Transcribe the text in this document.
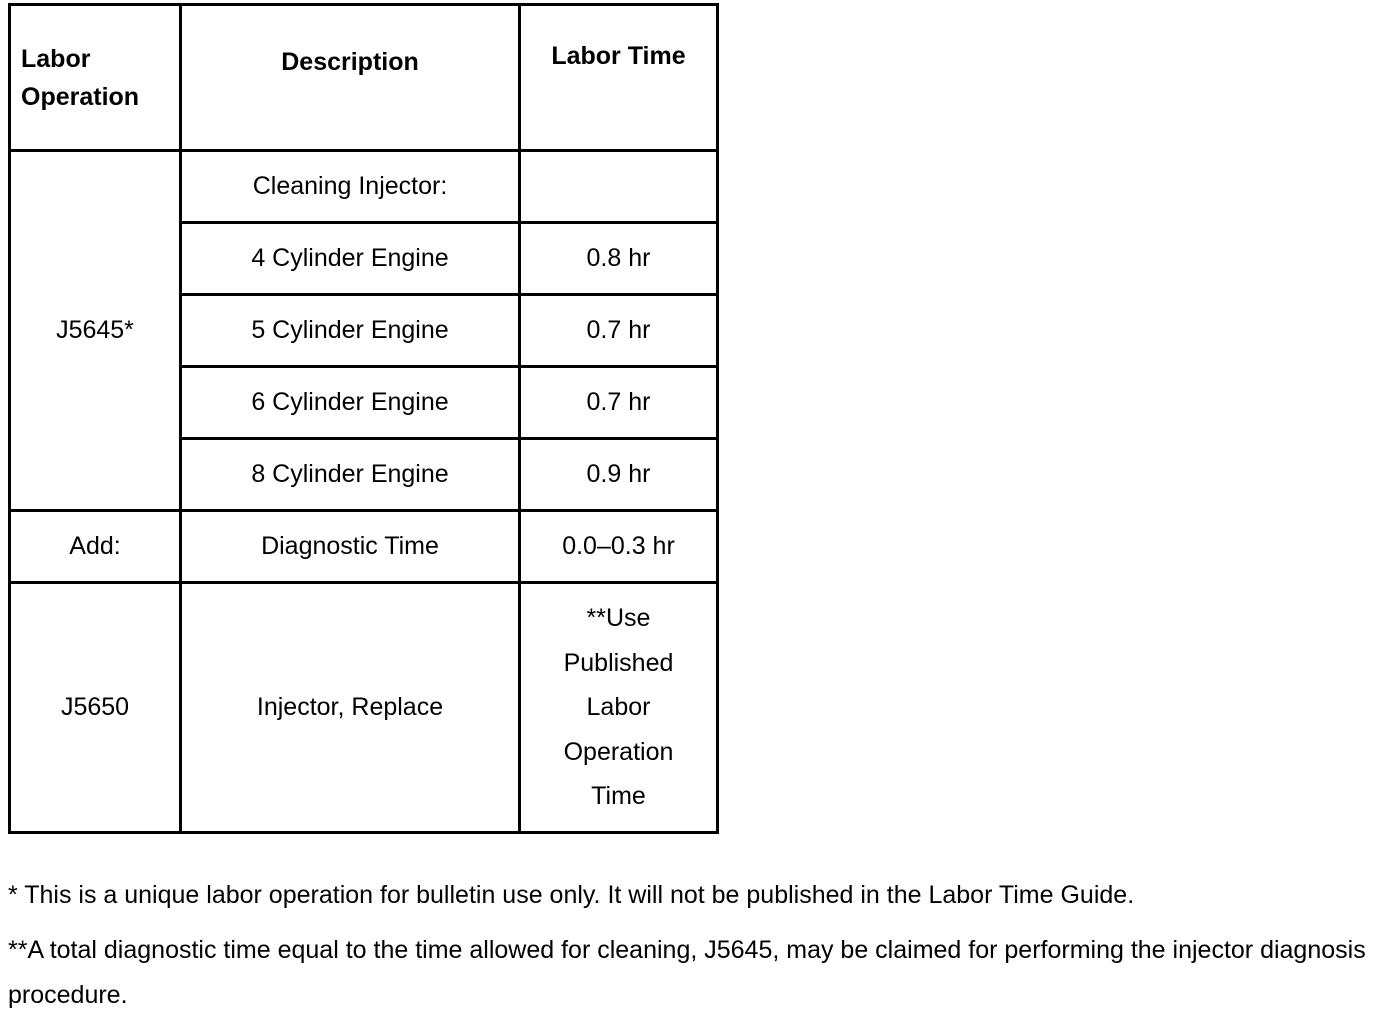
Labor
Operation	Description	Labor Time
J5645*	Cleaning Injector:	
	4 Cylinder Engine	0.8 hr
	5 Cylinder Engine	0.7 hr
	6 Cylinder Engine	0.7 hr
	8 Cylinder Engine	0.9 hr
Add:	Diagnostic Time	0.0–0.3 hr
J5650	Injector, Replace	**Use
Published
Labor
Operation
Time

* This is a unique labor operation for bulletin use only. It will not be published in the Labor Time Guide.

**A total diagnostic time equal to the time allowed for cleaning, J5645, may be claimed for performing the injector diagnosis procedure.
